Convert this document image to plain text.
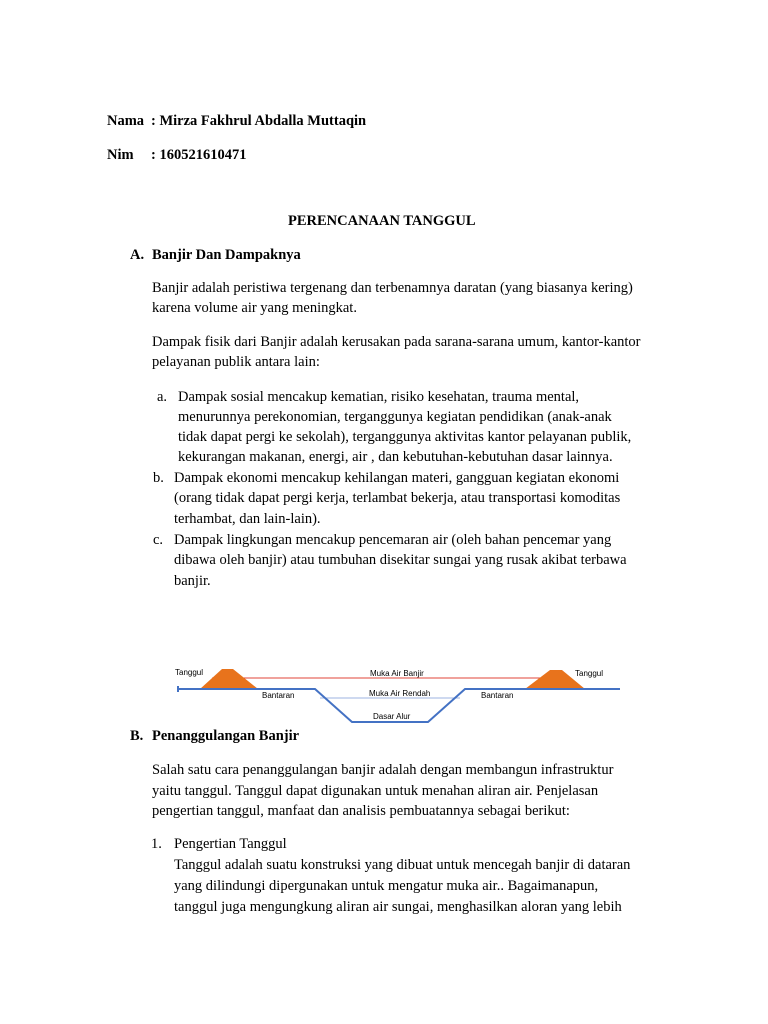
Nama : Mirza Fakhrul Abdalla Muttaqin
Nim : 160521610471
PERENCANAAN TANGGUL
A. Banjir Dan Dampaknya
Banjir adalah peristiwa tergenang dan terbenamnya daratan (yang biasanya kering)
karena volume air yang meningkat.
Dampak fisik dari Banjir adalah kerusakan pada sarana-sarana umum, kantor-kantor
pelayanan publik antara lain:
a. Dampak sosial mencakup kematian, risiko kesehatan, trauma mental,
menurunnya perekonomian, terganggunya kegiatan pendidikan (anak-anak
tidak dapat pergi ke sekolah), terganggunya aktivitas kantor pelayanan publik,
kekurangan makanan, energi, air , dan kebutuhan-kebutuhan dasar lainnya.
b. Dampak ekonomi mencakup kehilangan materi, gangguan kegiatan ekonomi
(orang tidak dapat pergi kerja, terlambat bekerja, atau transportasi komoditas
terhambat, dan lain-lain).
c. Dampak lingkungan mencakup pencemaran air (oleh bahan pencemar yang
dibawa oleh banjir) atau tumbuhan disekitar sungai yang rusak akibat terbawa
banjir.
Tanggul	Tanggul
Muka Air Banjir
Muka Air Rendah
Bantaran	Bantaran
Dasar Alur
B. Penanggulangan Banjir
Salah satu cara penanggulangan banjir adalah dengan membangun infrastruktur
yaitu tanggul. Tanggul dapat digunakan untuk menahan aliran air. Penjelasan
pengertian tanggul, manfaat dan analisis pembuatannya sebagai berikut:
1. Pengertian Tanggul
Tanggul adalah suatu konstruksi yang dibuat untuk mencegah banjir di dataran
yang dilindungi dipergunakan untuk mengatur muka air.. Bagaimanapun,
tanggul juga mengungkung aliran air sungai, menghasilkan aloran yang lebih
